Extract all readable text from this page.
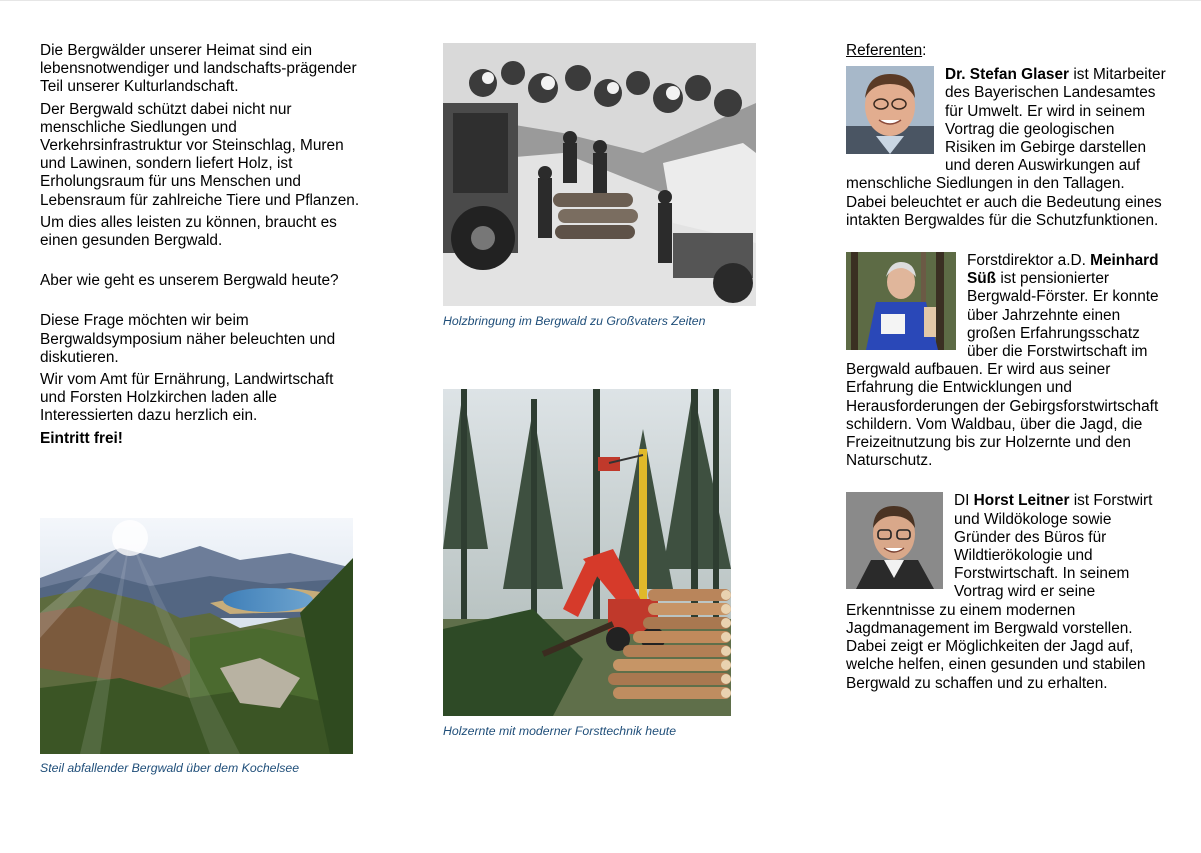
Die Bergwälder unserer Heimat sind ein lebensnotwendiger und landschafts-prägender Teil unserer Kulturlandschaft.

Der Bergwald schützt dabei nicht nur menschliche Siedlungen und Verkehrsinfrastruktur vor Steinschlag, Muren und Lawinen, sondern liefert Holz, ist Erholungsraum für uns Menschen und Lebensraum für zahlreiche Tiere und Pflanzen.

Um dies alles leisten zu können, braucht es einen gesunden Bergwald.

Aber wie geht es unserem Bergwald heute?

Diese Frage möchten wir beim Bergwaldsymposium näher beleuchten und diskutieren.

Wir vom Amt für Ernährung, Landwirtschaft und Forsten Holzkirchen laden alle Interessierten dazu herzlich ein.

Eintritt frei!

Steil abfallender Bergwald über dem Kochelsee
Holzbringung im Bergwald zu Großvaters Zeiten
Holzernte mit moderner Forsttechnik heute

Referenten:

Dr. Stefan Glaser ist Mitarbeiter des Bayerischen Landesamtes für Umwelt. Er wird in seinem Vortrag die geologischen Risiken im Gebirge darstellen und deren Auswirkungen auf menschliche Siedlungen in den Tallagen. Dabei beleuchtet er auch die Bedeutung eines intakten Bergwaldes für die Schutzfunktionen.

Forstdirektor a.D. Meinhard Süß ist pensionierter Bergwald-Förster. Er konnte über Jahrzehnte einen großen Erfahrungsschatz über die Forstwirtschaft im Bergwald aufbauen. Er wird aus seiner Erfahrung die Entwicklungen und Herausforderungen der Gebirgsforstwirtschaft schildern. Vom Waldbau, über die Jagd, die Freizeitnutzung bis zur Holzernte und den Naturschutz.

DI Horst Leitner ist Forstwirt und Wildökologe sowie Gründer des Büros für Wildtierökologie und Forstwirtschaft. In seinem Vortrag wird er seine Erkenntnisse zu einem modernen Jagdmanagement im Bergwald vorstellen. Dabei zeigt er Möglichkeiten der Jagd auf, welche helfen, einen gesunden und stabilen Bergwald zu schaffen und zu erhalten.
